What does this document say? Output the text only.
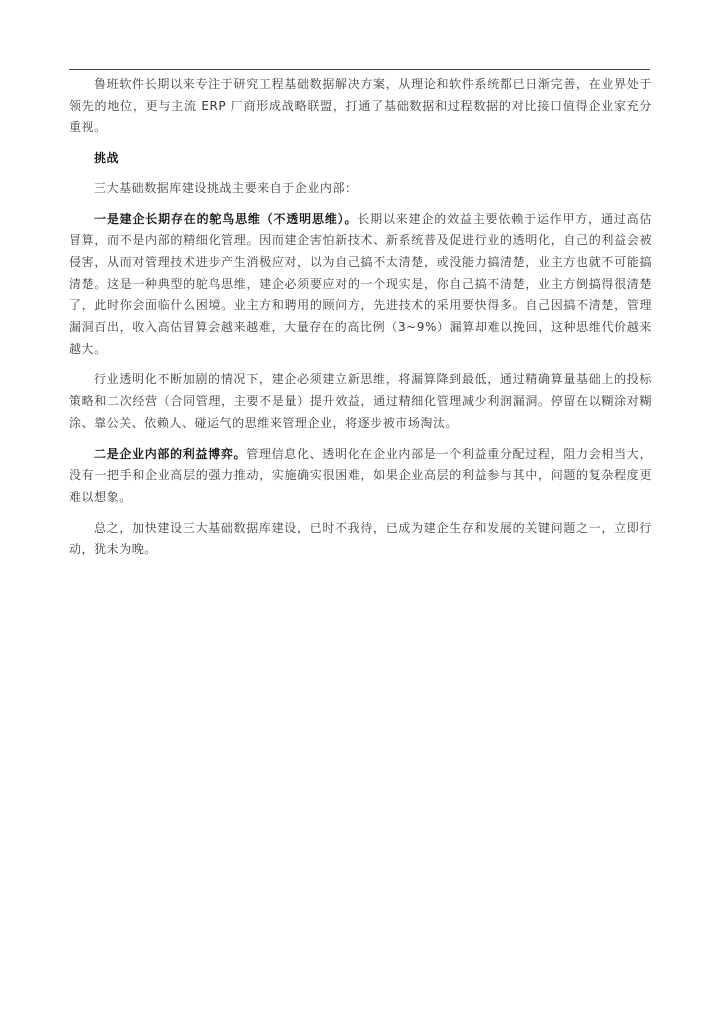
鲁班软件长期以来专注于研究工程基础数据解决方案，从理论和软件系统都已日渐完善，在业界处于领先的地位，更与主流 ERP 厂商形成战略联盟，打通了基础数据和过程数据的对比接口值得企业家充分重视。

挑战

三大基础数据库建设挑战主要来自于企业内部：

一是建企长期存在的鸵鸟思维（不透明思维）。长期以来建企的效益主要依赖于运作甲方，通过高估冒算，而不是内部的精细化管理。因而建企害怕新技术、新系统普及促进行业的透明化，自己的利益会被侵害，从而对管理技术进步产生消极应对，以为自己搞不太清楚，或没能力搞清楚，业主方也就不可能搞清楚。这是一种典型的鸵鸟思维，建企必须要应对的一个现实是，你自己搞不清楚，业主方倒搞得很清楚了，此时你会面临什么困境。业主方和聘用的顾问方，先进技术的采用要快得多。自己因搞不清楚，管理漏洞百出，收入高估冒算会越来越难，大量存在的高比例（3~9%）漏算却难以挽回，这种思维代价越来越大。

行业透明化不断加剧的情况下，建企必须建立新思维，将漏算降到最低，通过精确算量基础上的投标策略和二次经营（合同管理，主要不是量）提升效益，通过精细化管理减少利润漏洞。停留在以糊涂对糊涂、靠公关、依赖人、碰运气的思维来管理企业，将逐步被市场淘汰。

二是企业内部的利益博弈。管理信息化、透明化在企业内部是一个利益重分配过程，阻力会相当大，没有一把手和企业高层的强力推动，实施确实很困难，如果企业高层的利益参与其中，问题的复杂程度更难以想象。

总之，加快建设三大基础数据库建设，已时不我待，已成为建企生存和发展的关键问题之一，立即行动，犹未为晚。
